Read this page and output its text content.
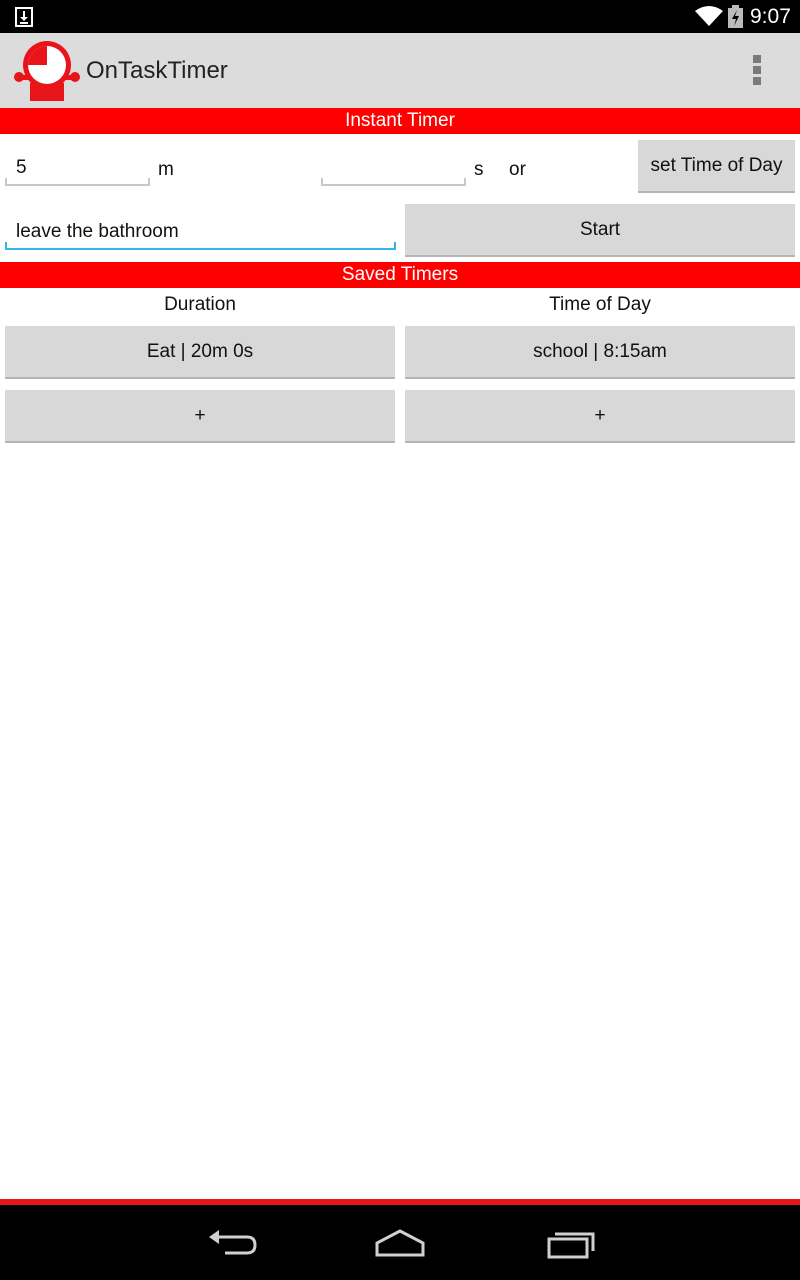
9:07
OnTaskTimer
Instant Timer
5
m	s or	set Time of Day
leave the bathroom
Start
Saved Timers
Duration	Time of Day
Eat | 20m 0s	school | 8:15am
+	+
